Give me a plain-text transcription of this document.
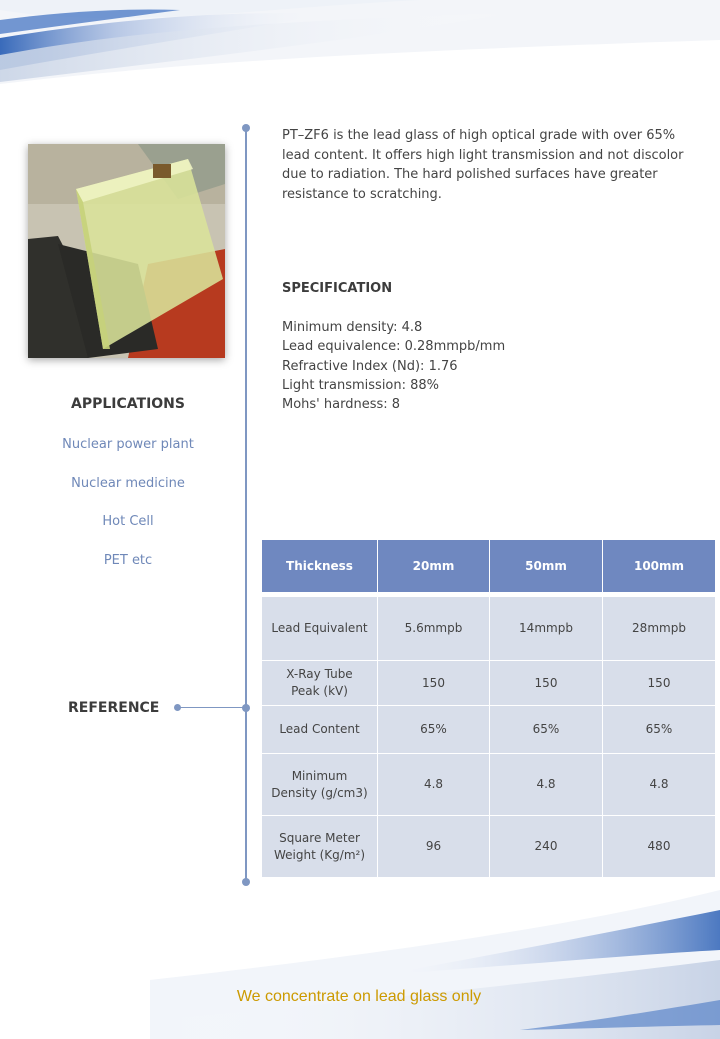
APPLICATIONS
Nuclear power plant
Nuclear medicine
Hot Cell
PET etc
REFERENCE

PT–ZF6 is the lead glass of high optical grade with over 65% lead content. It offers high light transmission and not discolor due to radiation. The hard polished surfaces have greater resistance to scratching.

SPECIFICATION
Minimum density: 4.8
Lead equivalence: 0.28mmpb/mm
Refractive Index (Nd): 1.76
Light transmission: 88%
Mohs' hardness: 8
Thickness	20mm	50mm	100mm

Lead Equivalent	5.6mmpb	14mmpb	28mmpb
X-Ray Tube Peak (kV)	150	150	150
Lead Content	65%	65%	65%
Minimum Density (g/cm3)	4.8	4.8	4.8
Square Meter Weight (Kg/m²)	96	240	480
We concentrate on lead glass only
